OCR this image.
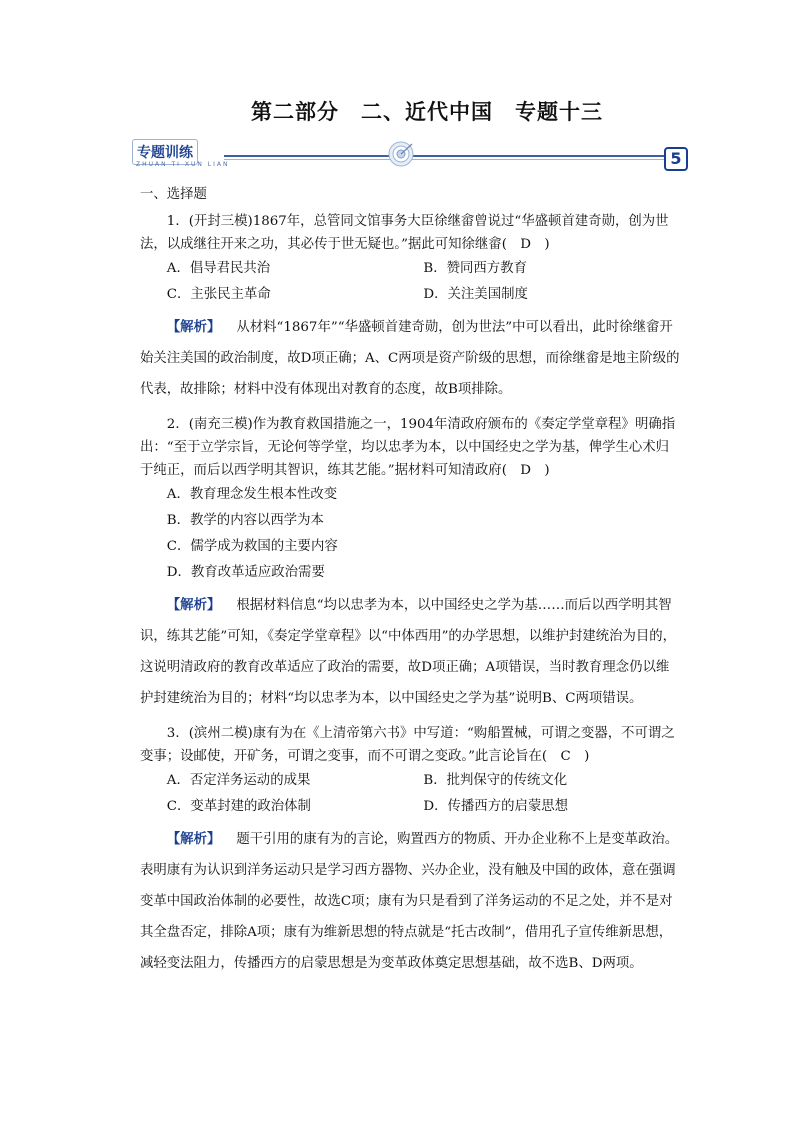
第二部分　二、近代中国　专题十三
专题训练
ZHUAN TI XUN LIAN	5
一、选择题

1．(开封三模)1867年，总管同文馆事务大臣徐继畲曾说过“华盛顿首建奇勋，创为世法，以成继往开来之功，其必传于世无疑也。”据此可知徐继畲(　D　)

A．倡导君民共治	B．赞同西方教育
C．主张民主革命	D．关注美国制度

【解析】 从材料“1867年”“华盛顿首建奇勋，创为世法”中可以看出，此时徐继畲开始关注美国的政治制度，故D项正确；A、C两项是资产阶级的思想，而徐继畲是地主阶级的代表，故排除；材料中没有体现出对教育的态度，故B项排除。

2．(南充三模)作为教育救国措施之一，1904年清政府颁布的《奏定学堂章程》明确指出：“至于立学宗旨，无论何等学堂，均以忠孝为本，以中国经史之学为基，俾学生心术归于纯正，而后以西学明其智识，练其艺能。”据材料可知清政府(　D　)

A．教育理念发生根本性改变
B．教学的内容以西学为本
C．儒学成为救国的主要内容
D．教育改革适应政治需要

【解析】 根据材料信息“均以忠孝为本，以中国经史之学为基……而后以西学明其智识，练其艺能”可知，《奏定学堂章程》以“中体西用”的办学思想，以维护封建统治为目的，这说明清政府的教育改革适应了政治的需要，故D项正确；A项错误，当时教育理念仍以维护封建统治为目的；材料“均以忠孝为本，以中国经史之学为基”说明B、C两项错误。

3．(滨州二模)康有为在《上清帝第六书》中写道：“购船置械，可谓之变器，不可谓之变事；设邮使，开矿务，可谓之变事，而不可谓之变政。”此言论旨在(　C　)

A．否定洋务运动的成果	B．批判保守的传统文化
C．变革封建的政治体制	D．传播西方的启蒙思想

【解析】 题干引用的康有为的言论，购置西方的物质、开办企业称不上是变革政治。表明康有为认识到洋务运动只是学习西方器物、兴办企业，没有触及中国的政体，意在强调变革中国政治体制的必要性，故选C项；康有为只是看到了洋务运动的不足之处，并不是对其全盘否定，排除A项；康有为维新思想的特点就是“托古改制”，借用孔子宣传维新思想，减轻变法阻力，传播西方的启蒙思想是为变革政体奠定思想基础，故不选B、D两项。
